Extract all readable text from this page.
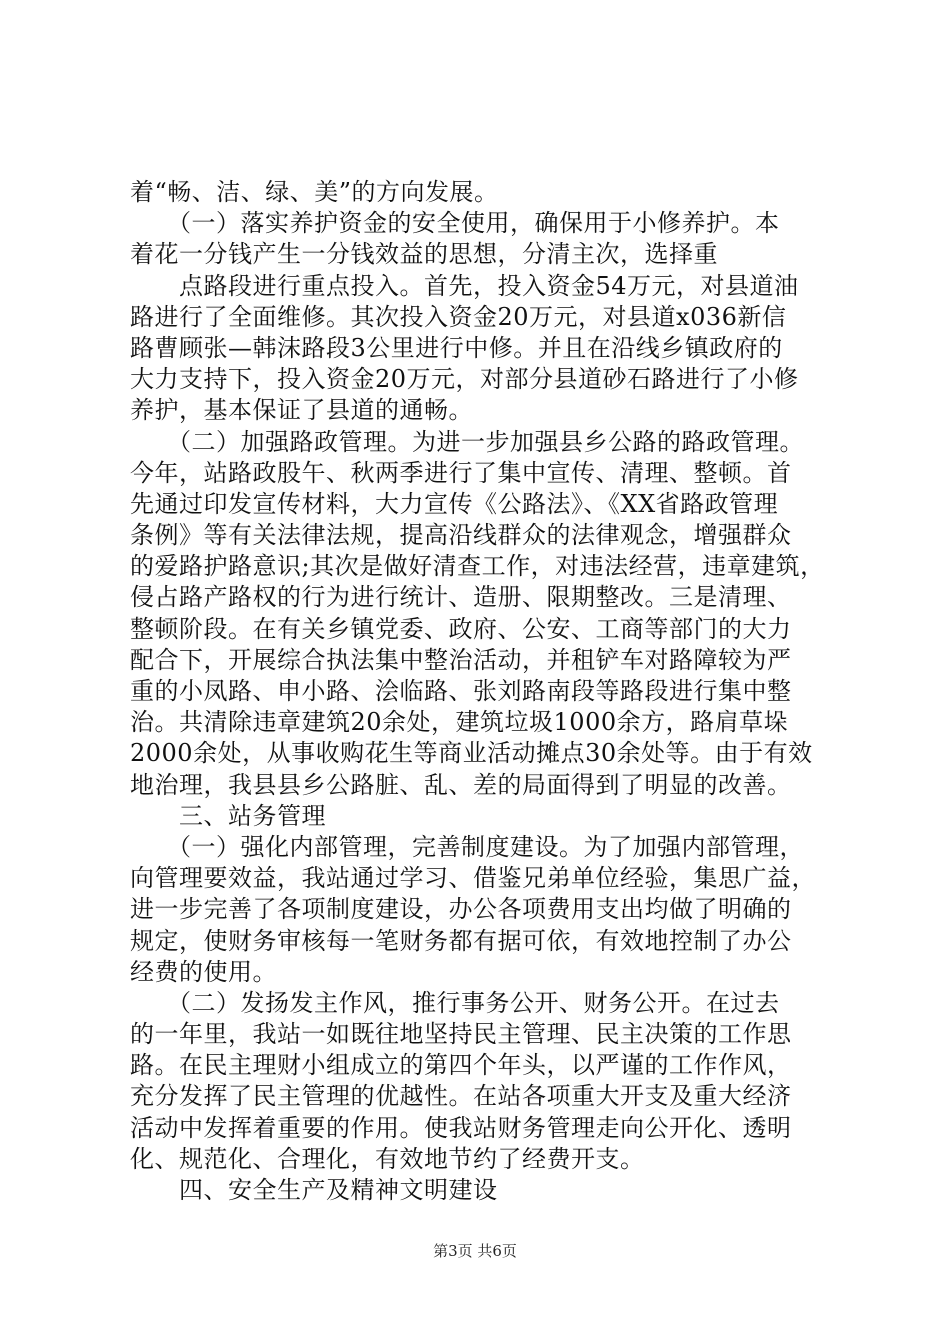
着“畅、洁、绿、美”的方向发展。
　　（一）落实养护资金的安全使用，确保用于小修养护。本
着花一分钱产生一分钱效益的思想，分清主次，选择重
　　点路段进行重点投入。首先，投入资金54万元，对县道油
路进行了全面维修。其次投入资金20万元，对县道x036新信
路曹顾张—韩沫路段3公里进行中修。并且在沿线乡镇政府的
大力支持下，投入资金20万元，对部分县道砂石路进行了小修
养护，基本保证了县道的通畅。
　　（二）加强路政管理。为进一步加强县乡公路的路政管理。
今年，站路政股午、秋两季进行了集中宣传、清理、整顿。首
先通过印发宣传材料，大力宣传《公路法》、《XX省路政管理
条例》等有关法律法规，提高沿线群众的法律观念，增强群众
的爱路护路意识;其次是做好清查工作，对违法经营，违章建筑，
侵占路产路权的行为进行统计、造册、限期整改。三是清理、
整顿阶段。在有关乡镇党委、政府、公安、工商等部门的大力
配合下，开展综合执法集中整治活动，并租铲车对路障较为严
重的小凤路、申小路、浍临路、张刘路南段等路段进行集中整
治。共清除违章建筑20余处，建筑垃圾1000余方，路肩草垛
2000余处，从事收购花生等商业活动摊点30余处等。由于有效
地治理，我县县乡公路脏、乱、差的局面得到了明显的改善。
　　三、站务管理
　　（一）强化内部管理，完善制度建设。为了加强内部管理，
向管理要效益，我站通过学习、借鉴兄弟单位经验，集思广益，
进一步完善了各项制度建设，办公各项费用支出均做了明确的
规定，使财务审核每一笔财务都有据可依，有效地控制了办公
经费的使用。
　　（二）发扬发主作风，推行事务公开、财务公开。在过去
的一年里，我站一如既往地坚持民主管理、民主决策的工作思
路。在民主理财小组成立的第四个年头，以严谨的工作作风，
充分发挥了民主管理的优越性。在站各项重大开支及重大经济
活动中发挥着重要的作用。使我站财务管理走向公开化、透明
化、规范化、合理化，有效地节约了经费开支。
　　四、安全生产及精神文明建设
第3页 共6页
